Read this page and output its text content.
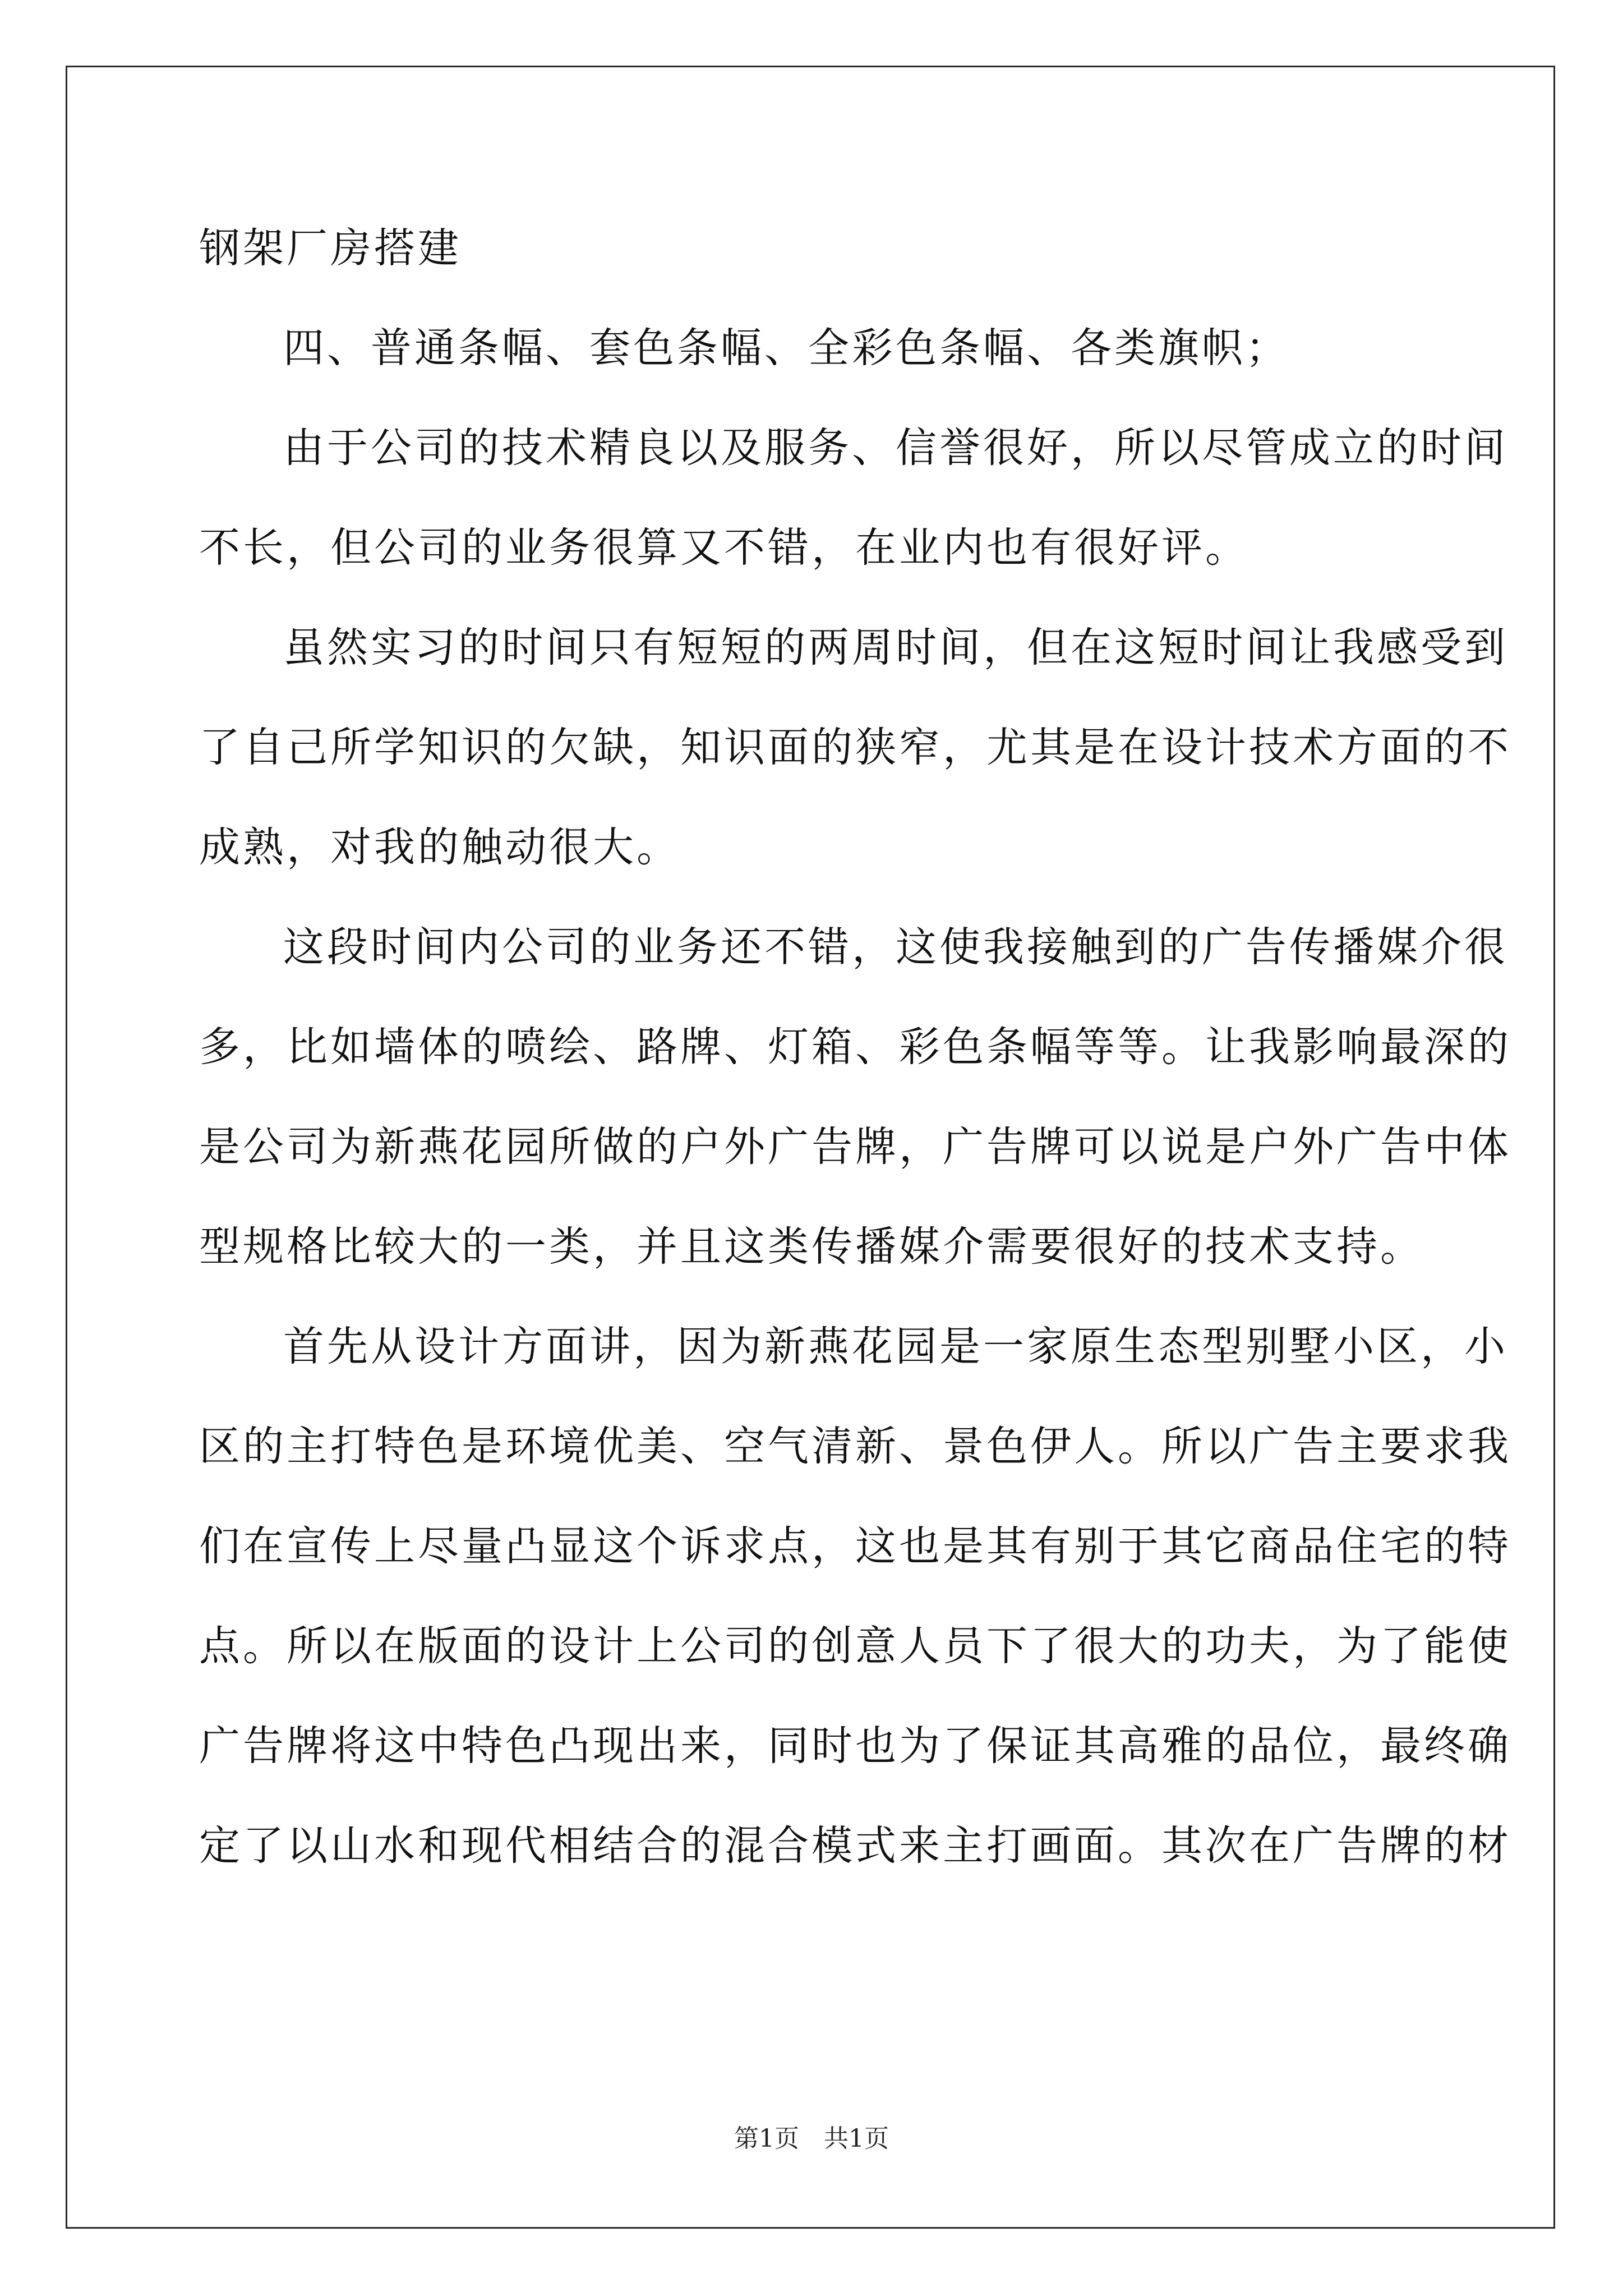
钢架厂房搭建
四、普通条幅、套色条幅、全彩色条幅、各类旗帜；
由于公司的技术精良以及服务、信誉很好，所以尽管成立的时间
不长，但公司的业务很算又不错，在业内也有很好评。
虽然实习的时间只有短短的两周时间，但在这短时间让我感受到
了自己所学知识的欠缺，知识面的狭窄，尤其是在设计技术方面的不
成熟，对我的触动很大。
这段时间内公司的业务还不错，这使我接触到的广告传播媒介很
多，比如墙体的喷绘、路牌、灯箱、彩色条幅等等。让我影响最深的
是公司为新燕花园所做的户外广告牌，广告牌可以说是户外广告中体
型规格比较大的一类，并且这类传播媒介需要很好的技术支持。
首先从设计方面讲，因为新燕花园是一家原生态型别墅小区，小
区的主打特色是环境优美、空气清新、景色伊人。所以广告主要求我
们在宣传上尽量凸显这个诉求点，这也是其有别于其它商品住宅的特
点。所以在版面的设计上公司的创意人员下了很大的功夫，为了能使
广告牌将这中特色凸现出来，同时也为了保证其高雅的品位，最终确
定了以山水和现代相结合的混合模式来主打画面。其次在广告牌的材
第1页 共1页
